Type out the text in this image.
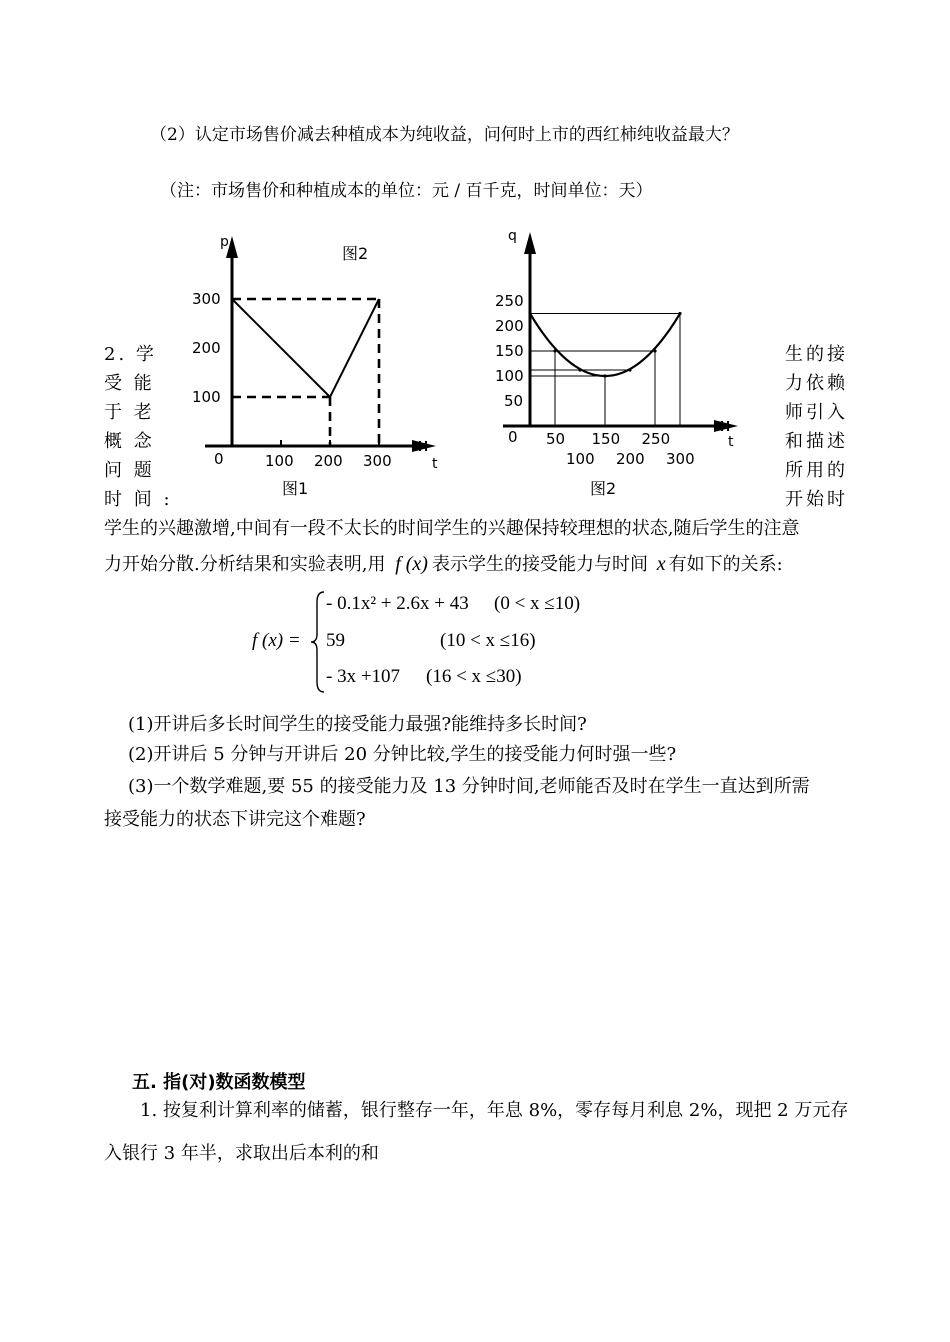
（2）认定市场售价减去种植成本为纯收益，问何时上市的西红柿纯收益最大？
（注：市场售价和种植成本的单位：元 / 百千克，时间单位：天）
2. 学
受 能
于 老
概 念
问 题
时 间 :
生的接
力依赖
师引入
和描述
所用的
开始时
100 200 300
100
200
300
p
t
0
图2
图1
50 150 250
100 200 300
50
100
150
200
250
q
t
0
图2
学生的兴趣激增,中间有一段不太长的时间学生的兴趣保持较理想的状态,随后学生的注意
力开始分散.分析结果和实验表明,用 f (x) 表示学生的接受能力与时间 x 有如下的关系:
f (x) =
- 0.1x² + 2.6x + 43 (0 < x ≤10)
59	(10 < x ≤16)
- 3x +107 (16 < x ≤30)
(1)开讲后多长时间学生的接受能力最强?能维持多长时间?
(2)开讲后 5 分钟与开讲后 20 分钟比较,学生的接受能力何时强一些?
(3)一个数学难题,要 55 的接受能力及 13 分钟时间,老师能否及时在学生一直达到所需
接受能力的状态下讲完这个难题?
五. 指(对)数函数模型
1. 按复利计算利率的储蓄，银行整存一年，年息 8%，零存每月利息 2%，现把 2 万元存
入银行 3 年半，求取出后本利的和
